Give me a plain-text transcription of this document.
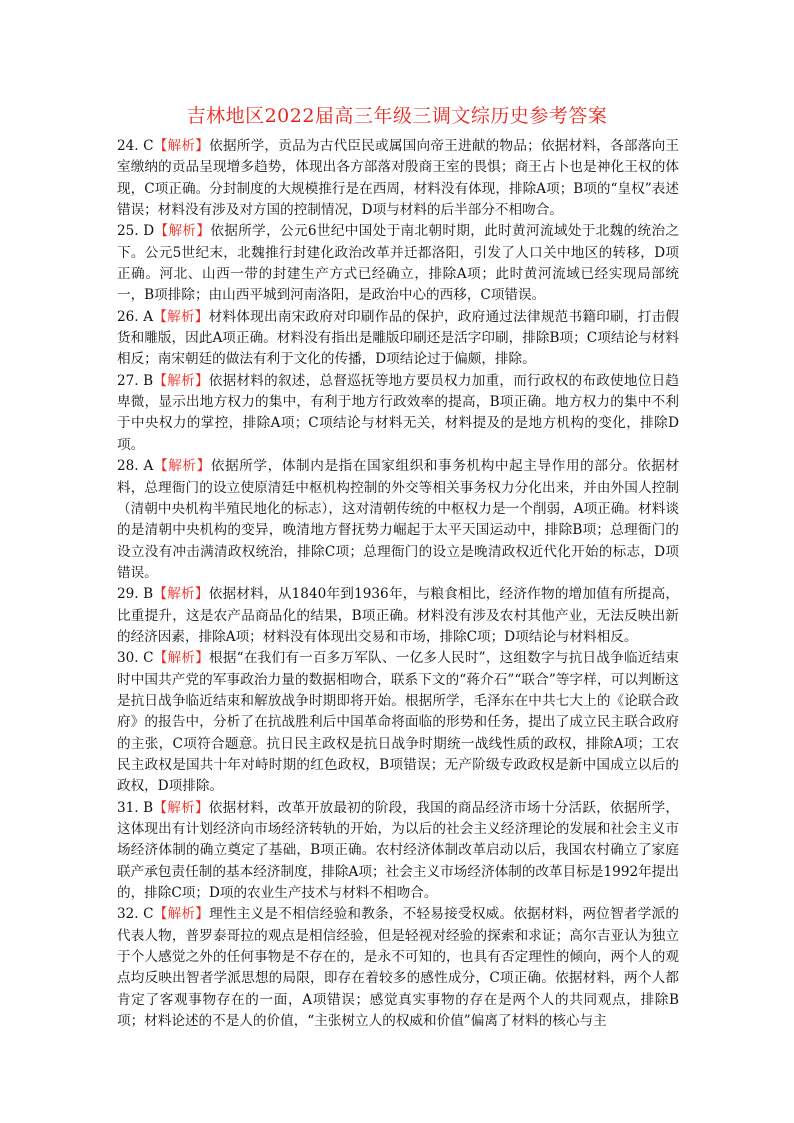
吉林地区2022届高三年级三调文综历史参考答案

24. C【解析】依据所学，贡品为古代臣民或属国向帝王进献的物品；依据材料，各部落向王室缴纳的贡品呈现增多趋势，体现出各方部落对殷商王室的畏惧；商王占卜也是神化王权的体现，C项正确。分封制度的大规模推行是在西周，材料没有体现，排除A项；B项的“皇权”表述错误；材料没有涉及对方国的控制情况，D项与材料的后半部分不相吻合。

25. D【解析】依据所学，公元6世纪中国处于南北朝时期，此时黄河流域处于北魏的统治之下。公元5世纪末，北魏推行封建化政治改革并迁都洛阳，引发了人口关中地区的转移，D项正确。河北、山西一带的封建生产方式已经确立，排除A项；此时黄河流域已经实现局部统一，B项排除；由山西平城到河南洛阳，是政治中心的西移，C项错误。

26. A【解析】材料体现出南宋政府对印刷作品的保护，政府通过法律规范书籍印刷，打击假货和雕版，因此A项正确。材料没有指出是雕版印刷还是活字印刷，排除B项；C项结论与材料相反；南宋朝廷的做法有利于文化的传播，D项结论过于偏颇，排除。

27. B【解析】依据材料的叙述，总督巡抚等地方要员权力加重，而行政权的布政使地位日趋卑微，显示出地方权力的集中，有利于地方行政效率的提高，B项正确。地方权力的集中不利于中央权力的掌控，排除A项；C项结论与材料无关，材料提及的是地方机构的变化，排除D项。

28. A【解析】依据所学，体制内是指在国家组织和事务机构中起主导作用的部分。依据材料，总理衙门的设立使原清廷中枢机构控制的外交等相关事务权力分化出来，并由外国人控制（清朝中央机构半殖民地化的标志），这对清朝传统的中枢权力是一个削弱，A项正确。材料谈的是清朝中央机构的变异，晚清地方督抚势力崛起于太平天国运动中，排除B项；总理衙门的设立没有冲击满清政权统治，排除C项；总理衙门的设立是晚清政权近代化开始的标志，D项错误。

29. B【解析】依据材料，从1840年到1936年，与粮食相比，经济作物的增加值有所提高，比重提升，这是农产品商品化的结果，B项正确。材料没有涉及农村其他产业，无法反映出新的经济因素，排除A项；材料没有体现出交易和市场，排除C项；D项结论与材料相反。

30. C【解析】根据“在我们有一百多万军队、一亿多人民时”，这组数字与抗日战争临近结束时中国共产党的军事政治力量的数据相吻合，联系下文的“蒋介石”“联合”等字样，可以判断这是抗日战争临近结束和解放战争时期即将开始。根据所学，毛泽东在中共七大上的《论联合政府》的报告中，分析了在抗战胜利后中国革命将面临的形势和任务，提出了成立民主联合政府的主张，C项符合题意。抗日民主政权是抗日战争时期统一战线性质的政权，排除A项；工农民主政权是国共十年对峙时期的红色政权，B项错误；无产阶级专政政权是新中国成立以后的政权，D项排除。

31. B【解析】依据材料，改革开放最初的阶段，我国的商品经济市场十分活跃，依据所学，这体现出有计划经济向市场经济转轨的开始，为以后的社会主义经济理论的发展和社会主义市场经济体制的确立奠定了基础，B项正确。农村经济体制改革启动以后，我国农村确立了家庭联产承包责任制的基本经济制度，排除A项；社会主义市场经济体制的改革目标是1992年提出的，排除C项；D项的农业生产技术与材料不相吻合。

32. C【解析】理性主义是不相信经验和教条，不轻易接受权威。依据材料，两位智者学派的代表人物，普罗泰哥拉的观点是相信经验，但是轻视对经验的探索和求证；高尔吉亚认为独立于个人感觉之外的任何事物是不存在的，是永不可知的，也具有否定理性的倾向，两个人的观点均反映出智者学派思想的局限，即存在着较多的感性成分，C项正确。依据材料，两个人都肯定了客观事物存在的一面，A项错误；感觉真实事物的存在是两个人的共同观点，排除B项；材料论述的不是人的价值，“主张树立人的权威和价值”偏离了材料的核心与主
